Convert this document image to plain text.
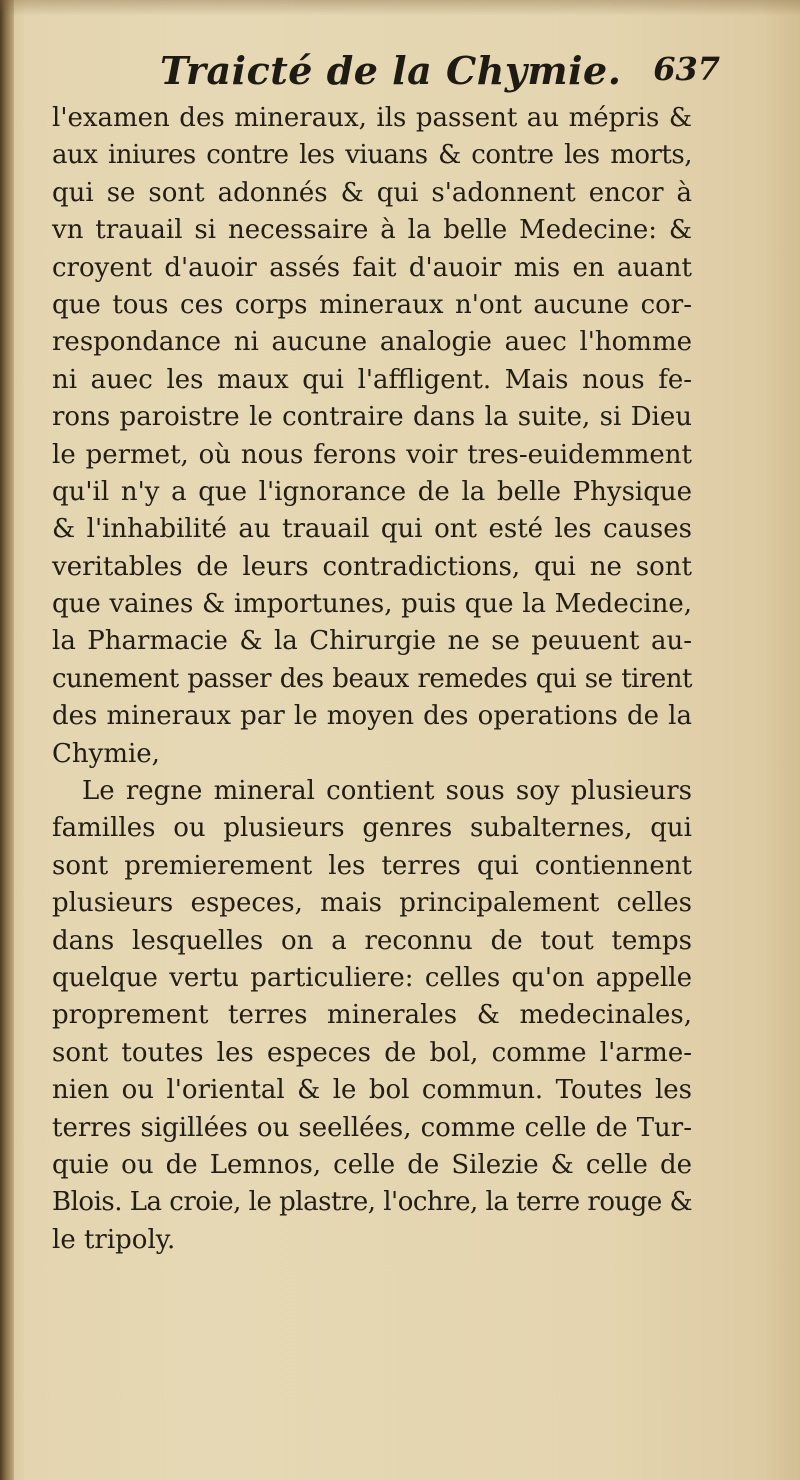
Traicté de la Chymie. 637
l'examen des mineraux, ils passent au mépris &
aux iniures contre les viuans & contre les morts,
qui se sont adonnés & qui s'adonnent encor à
vn trauail si necessaire à la belle Medecine: &
croyent d'auoir assés fait d'auoir mis en auant
que tous ces corps mineraux n'ont aucune cor-
respondance ni aucune analogie auec l'homme
ni auec les maux qui l'affligent. Mais nous fe-
rons paroistre le contraire dans la suite, si Dieu
le permet, où nous ferons voir tres-euidemment
qu'il n'y a que l'ignorance de la belle Physique
& l'inhabilité au trauail qui ont esté les causes
veritables de leurs contradictions, qui ne sont
que vaines & importunes, puis que la Medecine,
la Pharmacie & la Chirurgie ne se peuuent au-
cunement passer des beaux remedes qui se tirent
des mineraux par le moyen des operations de la
Chymie,
Le regne mineral contient sous soy plusieurs
familles ou plusieurs genres subalternes, qui
sont premierement les terres qui contiennent
plusieurs especes, mais principalement celles
dans lesquelles on a reconnu de tout temps
quelque vertu particuliere: celles qu'on appelle
proprement terres minerales & medecinales,
sont toutes les especes de bol, comme l'arme-
nien ou l'oriental & le bol commun. Toutes les
terres sigillées ou seellées, comme celle de Tur-
quie ou de Lemnos, celle de Silezie & celle de
Blois. La croie, le plastre, l'ochre, la terre rouge &
le tripoly.
